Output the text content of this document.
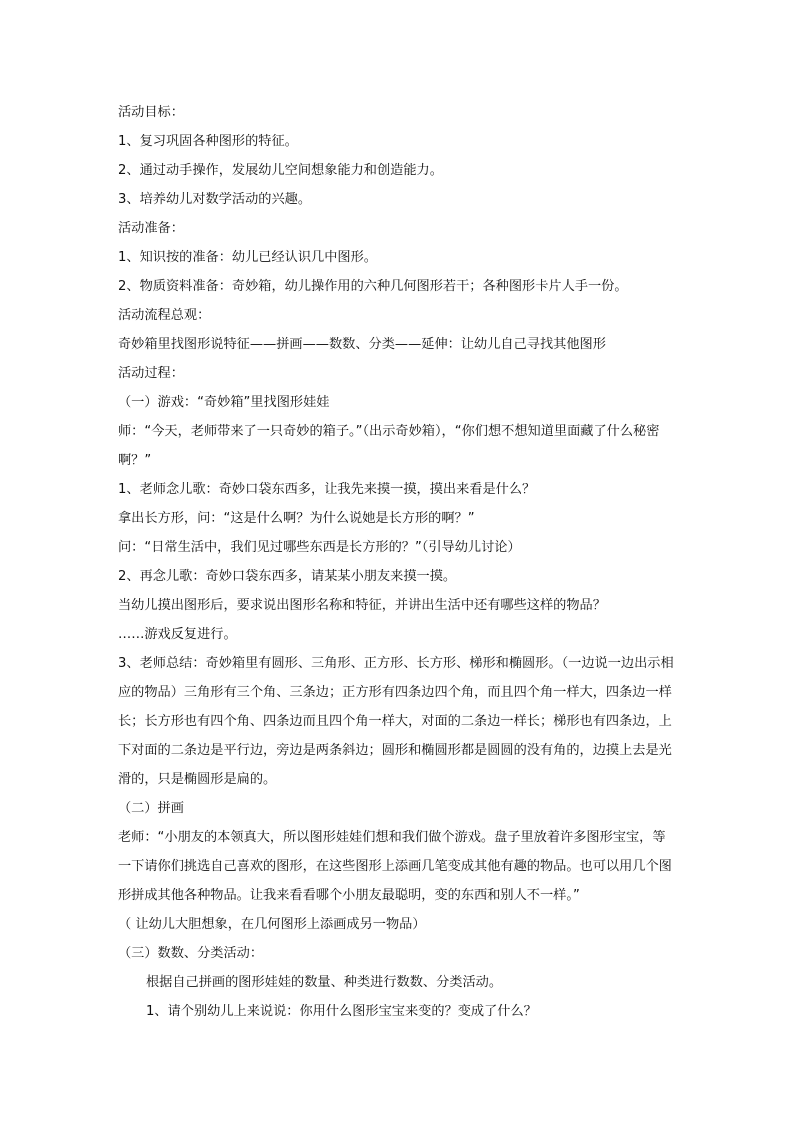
活动目标：

1、复习巩固各种图形的特征。

2、通过动手操作，发展幼儿空间想象能力和创造能力。

3、培养幼儿对数学活动的兴趣。

活动准备：

1、知识按的准备：幼儿已经认识几中图形。

2、物质资料准备：奇妙箱，幼儿操作用的六种几何图形若干；各种图形卡片人手一份。

活动流程总观：

奇妙箱里找图形说特征——拼画——数数、分类——延伸：让幼儿自己寻找其他图形

活动过程：

（一）游戏：“奇妙箱”里找图形娃娃

师：“今天，老师带来了一只奇妙的箱子。”（出示奇妙箱），“你们想不想知道里面藏了什么秘密啊？”

1、老师念儿歌：奇妙口袋东西多，让我先来摸一摸，摸出来看是什么？

拿出长方形，问：“这是什么啊？为什么说她是长方形的啊？”

问：“日常生活中，我们见过哪些东西是长方形的？”（引导幼儿讨论）

2、再念儿歌：奇妙口袋东西多，请某某小朋友来摸一摸。

当幼儿摸出图形后，要求说出图形名称和特征，并讲出生活中还有哪些这样的物品？

……游戏反复进行。

3、老师总结：奇妙箱里有圆形、三角形、正方形、长方形、梯形和椭圆形。（一边说一边出示相应的物品）三角形有三个角、三条边；正方形有四条边四个角，而且四个角一样大，四条边一样长；长方形也有四个角、四条边而且四个角一样大，对面的二条边一样长；梯形也有四条边，上下对面的二条边是平行边，旁边是两条斜边；圆形和椭圆形都是圆圆的没有角的，边摸上去是光滑的，只是椭圆形是扁的。

（二）拼画

老师：“小朋友的本领真大，所以图形娃娃们想和我们做个游戏。盘子里放着许多图形宝宝，等一下请你们挑选自己喜欢的图形，在这些图形上添画几笔变成其他有趣的物品。也可以用几个图形拼成其他各种物品。让我来看看哪个小朋友最聪明，变的东西和别人不一样。”

（ 让幼儿大胆想象，在几何图形上添画成另一物品）

（三）数数、分类活动：

根据自己拼画的图形娃娃的数量、种类进行数数、分类活动。

1、请个别幼儿上来说说：你用什么图形宝宝来变的？变成了什么？
